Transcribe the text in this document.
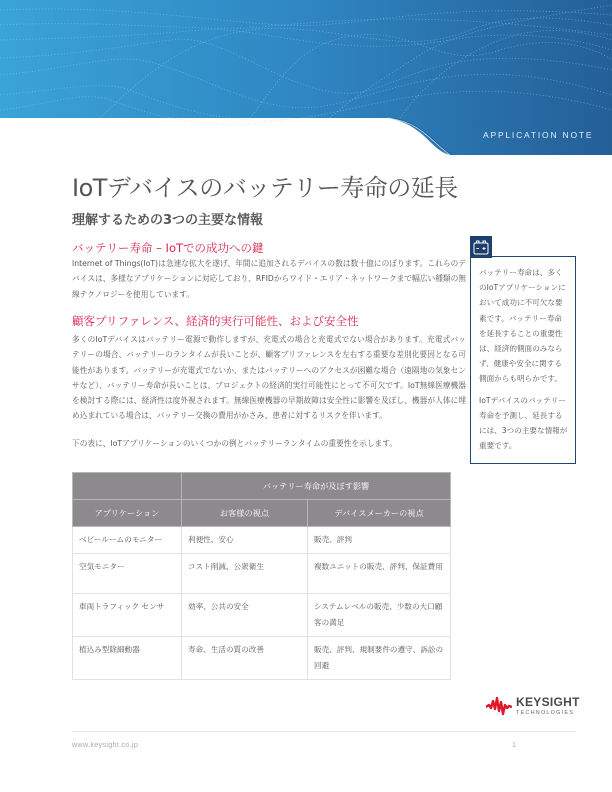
APPLICATION NOTE
IoTデバイスのバッテリー寿命の延長
理解するための3つの主要な情報
バッテリー寿命 – IoTでの成功への鍵

Internet of Things(IoT)は急速な拡大を遂げ、年間に追加されるデバイスの数は数十億にのぼります。これらのデバイスは、多様なアプリケーションに対応しており、RFIDからワイド・エリア・ネットワークまで幅広い種類の無線テクノロジーを使用しています。

顧客プリファレンス、経済的実行可能性、および安全性

多くのIoTデバイスはバッテリー電源で動作しますが、充電式の場合と充電式でない場合があります。充電式バッテリーの場合、バッテリーのランタイムが長いことが、顧客プリファレンスを左右する重要な差別化要因となる可能性があります。バッテリーが充電式でないか、またはバッテリーへのアクセスが困難な場合（遠隔地の気象センサなど）、バッテリー寿命が長いことは、プロジェクトの経済的実行可能性にとって不可欠です。IoT無線医療機器を検討する際には、経済性は度外視されます。無線医療機器の早期故障は安全性に影響を及ぼし、機器が人体に埋め込まれている場合は、バッテリー交換の費用がかさみ、患者に対するリスクを伴います。

下の表に、IoTアプリケーションのいくつかの例とバッテリーランタイムの重要性を示します。

バッテリー寿命は、多くのIoTアプリケーションにおいて成功に不可欠な要素です。バッテリー寿命を延長することの重要性は、経済的側面のみならず、健康や安全に関する側面からも明らかです。

IoTデバイスのバッテリー寿命を予測し、延長するには、3つの主要な情報が重要です。

	バッテリー寿命が及ぼす影響	
アプリケーション	お客様の視点	デバイスメーカーの視点
ベビールームのモニター	利便性、安心	販売、評判
空気モニター	コスト削減、公衆衛生	複数ユニットの販売、評判、保証費用
車両トラフィック センサ	効率、公共の安全	システムレベルの販売、少数の大口顧客の満足
植込み型除細動器	寿命、生活の質の改善	販売、評判、規制要件の遵守、訴訟の回避
KEYSIGHT
TECHNOLOGIES
www.keysight.co.jp	1
